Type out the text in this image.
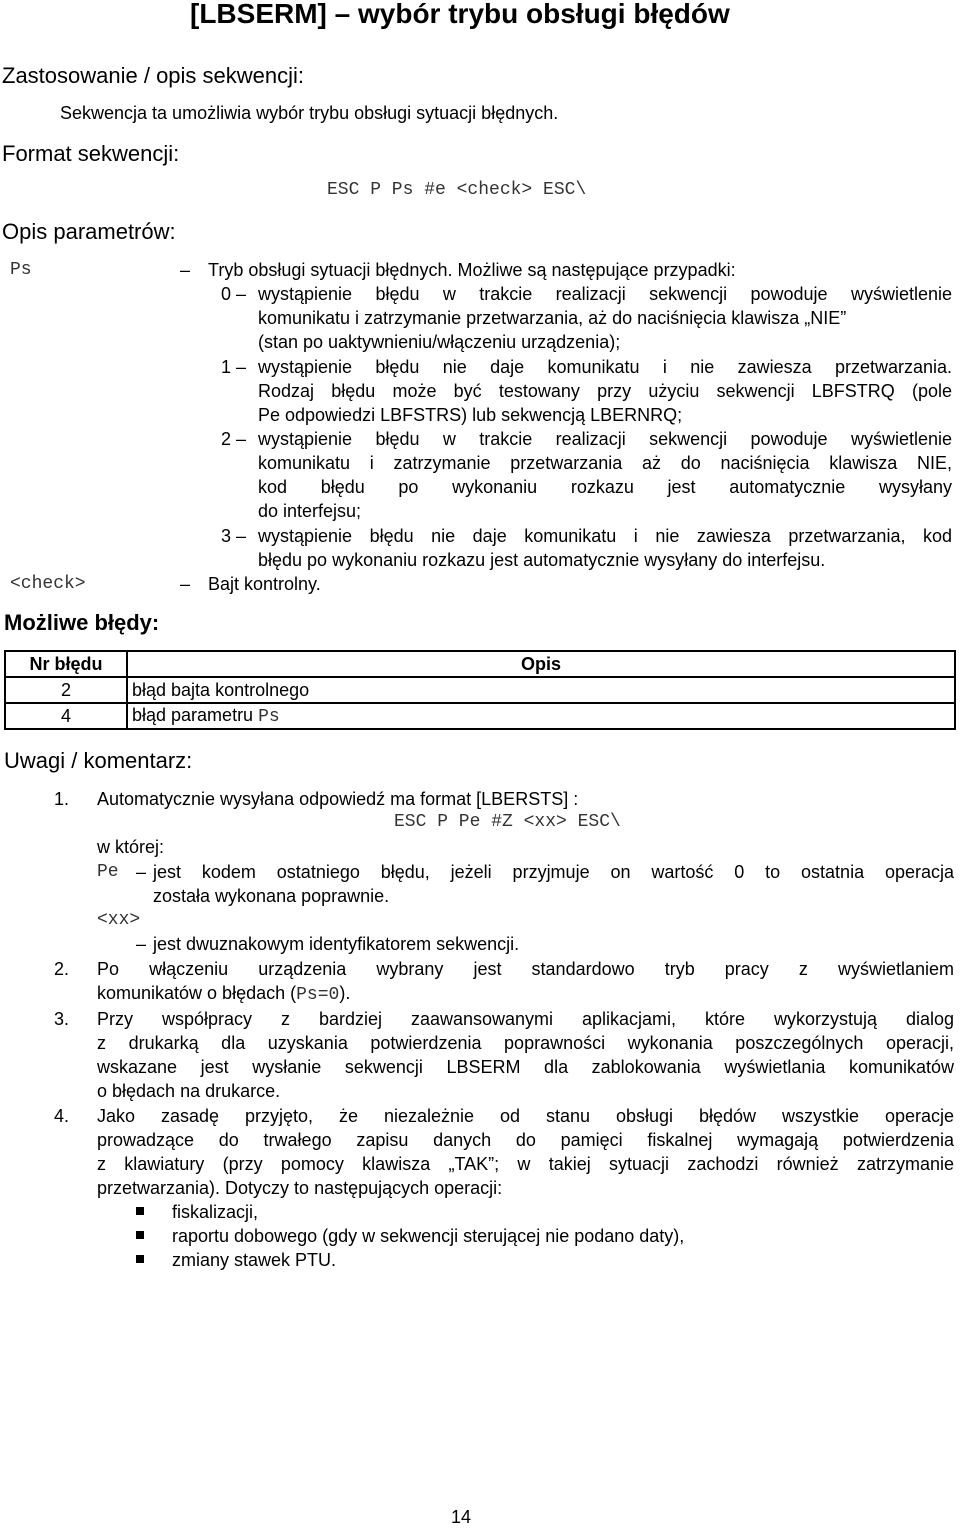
[LBSERM] – wybór trybu obsługi błędów
Zastosowanie / opis sekwencji:
Sekwencja ta umożliwia wybór trybu obsługi sytuacji błędnych.
Format sekwencji:
ESC P Ps #e <check> ESC\
Opis parametrów:
Ps	– Tryb obsługi sytuacji błędnych. Możliwe są następujące przypadki:
0 – wystąpienie błędu w trakcie realizacji sekwencji powoduje wyświetlenie
komunikatu i zatrzymanie przetwarzania, aż do naciśnięcia klawisza „NIE”
(stan po uaktywnieniu/włączeniu urządzenia);
1 – wystąpienie błędu nie daje komunikatu i nie zawiesza przetwarzania.
Rodzaj błędu może być testowany przy użyciu sekwencji LBFSTRQ (pole
Pe odpowiedzi LBFSTRS) lub sekwencją LBERNRQ;
2 – wystąpienie błędu w trakcie realizacji sekwencji powoduje wyświetlenie
komunikatu i zatrzymanie przetwarzania aż do naciśnięcia klawisza NIE,
kod błędu po wykonaniu rozkazu jest automatycznie wysyłany
do interfejsu;
3 – wystąpienie błędu nie daje komunikatu i nie zawiesza przetwarzania, kod
błędu po wykonaniu rozkazu jest automatycznie wysyłany do interfejsu.
<check>	– Bajt kontrolny.
Możliwe błędy:
Nr błędu	Opis
2	błąd bajta kontrolnego
4	błąd parametru Ps
Uwagi / komentarz:
1. Automatycznie wysyłana odpowiedź ma format [LBERSTS] :
ESC P Pe #Z <xx> ESC\
w której:
Pe – jest kodem ostatniego błędu, jeżeli przyjmuje on wartość 0 to ostatnia operacja
została wykonana poprawnie.
<xx>
– jest dwuznakowym identyfikatorem sekwencji.
2. Po włączeniu urządzenia wybrany jest standardowo tryb pracy z wyświetlaniem
komunikatów o błędach (Ps=0).
3. Przy współpracy z bardziej zaawansowanymi aplikacjami, które wykorzystują dialog
z drukarką dla uzyskania potwierdzenia poprawności wykonania poszczególnych operacji,
wskazane jest wysłanie sekwencji LBSERM dla zablokowania wyświetlania komunikatów
o błędach na drukarce.
4. Jako zasadę przyjęto, że niezależnie od stanu obsługi błędów wszystkie operacje
prowadzące do trwałego zapisu danych do pamięci fiskalnej wymagają potwierdzenia
z klawiatury (przy pomocy klawisza „TAK”; w takiej sytuacji zachodzi również zatrzymanie
przetwarzania). Dotyczy to następujących operacji:
fiskalizacji,
raportu dobowego (gdy w sekwencji sterującej nie podano daty),
zmiany stawek PTU.
14
